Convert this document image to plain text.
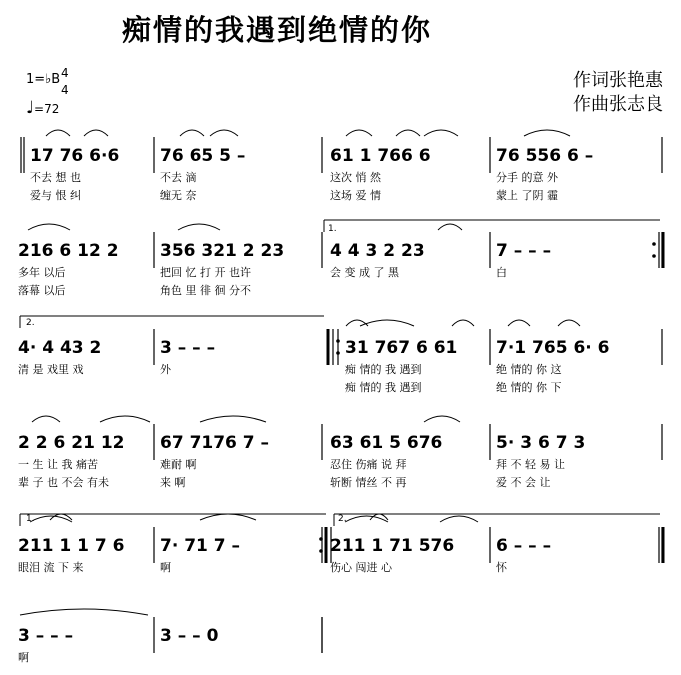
痴情的我遇到绝情的你
作词张艳惠
作曲张志良
1=♭B 4
4
♩=72
1.
2.
1.	2.
17 76 6·6
不去 想 也
爱与 恨 纠
76 65 5 –
不去 滴
缠无 奈
61 1 766 6
这次 悄 然
这场 爱 情
76 556 6 –
分手 的意 外
蒙上 了阴 霾
216 6 12 2
多年 以后
落幕 以后
356 321 2 23
把回 忆 打 开 也许
角色 里 徘 徊 分不
4 4 3 2 23
会 变 成 了 黑
7 – – –
白
4· 4 43 2
清 是 戏里 戏
3 – – –
外
31 767 6 61
痴 情的 我 遇到
痴 情的 我 遇到
7·1 765 6· 6
绝 情的 你 这
绝 情的 你 下
2 2 6 21 12
一 生 让 我 痛苦
辈 子 也 不会 有未
67 7176 7 –
难耐 啊
来 啊
63 61 5 676
忍住 伤痛 说 拜
斩断 情丝 不 再
5· 3 6 7 3
拜 不 轻 易 让
爱 不 会 让
211 1 1 7 6
眼泪 流 下 来
7· 71 7 –
啊
211 1 71 576
伤心 闯进 心
6 – – –
怀
3 – – –
啊
3 – – 0
